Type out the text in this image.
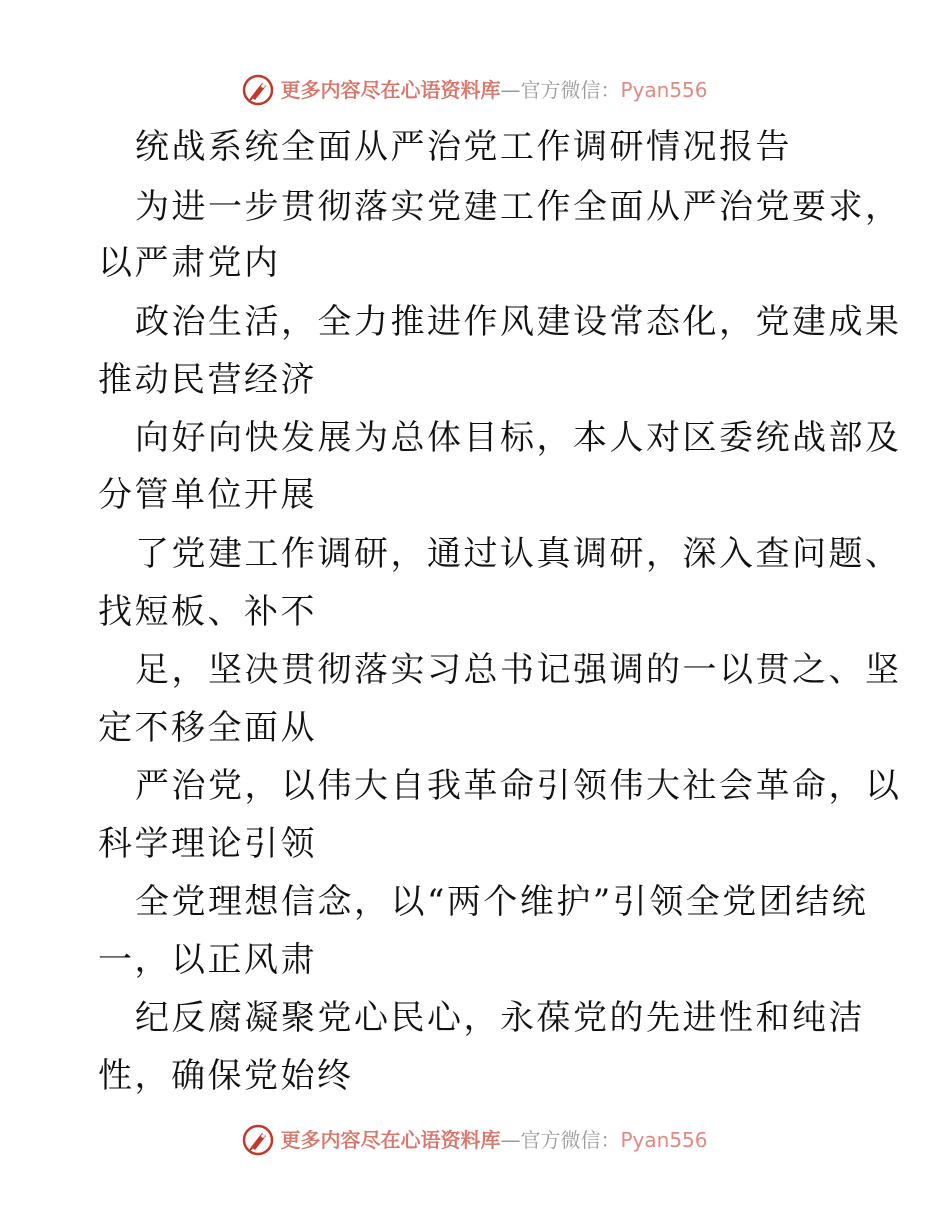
更多内容尽在心语资料库 — 官方微信： Pyan556
统战系统全面从严治党工作调研情况报告
为进一步贯彻落实党建工作全面从严治党要求，
以严肃党内
政治生活，全力推进作风建设常态化，党建成果
推动民营经济
向好向快发展为总体目标，本人对区委统战部及
分管单位开展
了党建工作调研，通过认真调研，深入查问题、
找短板、补不
足，坚决贯彻落实习总书记强调的一以贯之、坚
定不移全面从
严治党，以伟大自我革命引领伟大社会革命，以
科学理论引领
全党理想信念，以“两个维护”引领全党团结统
一，以正风肃
纪反腐凝聚党心民心，永葆党的先进性和纯洁
性，确保党始终
更多内容尽在心语资料库 — 官方微信： Pyan556
